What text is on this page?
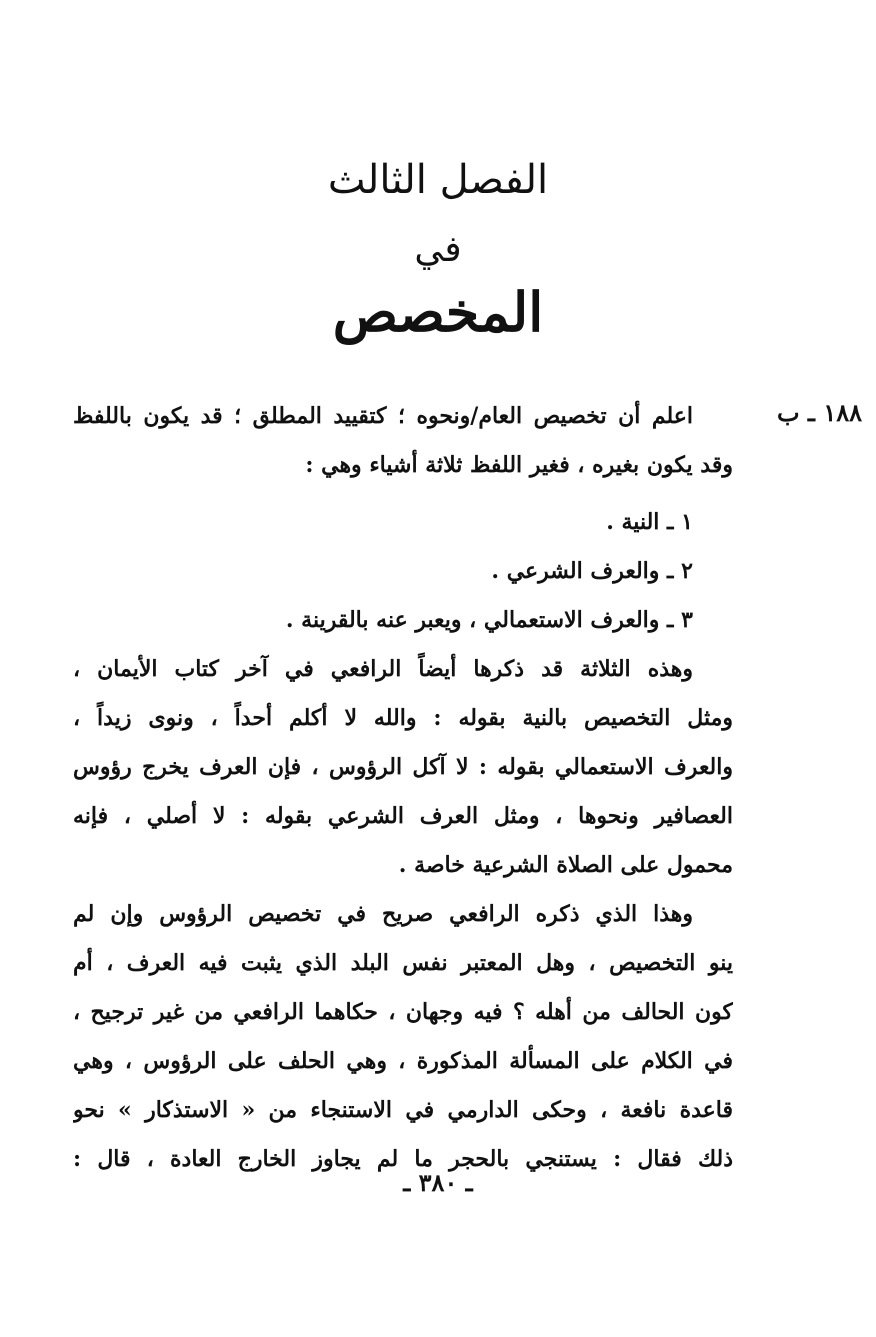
الفصل الثالث
في
المخصص
١٨٨ ـ ب
اعلم أن تخصيص العام/ونحوه ؛ كتقييد المطلق ؛ قد يكون باللفظ
وقد يكون بغيره ، فغير اللفظ ثلاثة أشياء وهي :
١ ـ النية .
٢ ـ والعرف الشرعي .
٣ ـ والعرف الاستعمالي ، ويعبر عنه بالقرينة .
وهذه الثلاثة قد ذكرها أيضاً الرافعي في آخر كتاب الأيمان ،
ومثل التخصيص بالنية بقوله : والله لا أكلم أحداً ، ونوى زيداً ،
والعرف الاستعمالي بقوله : لا آكل الرؤوس ، فإن العرف يخرج رؤوس
العصافير ونحوها ، ومثل العرف الشرعي بقوله : لا أصلي ، فإنه
محمول على الصلاة الشرعية خاصة .
وهذا الذي ذكره الرافعي صريح في تخصيص الرؤوس وإن لم
ينو التخصيص ، وهل المعتبر نفس البلد الذي يثبت فيه العرف ، أم
كون الحالف من أهله ؟ فيه وجهان ، حكاهما الرافعي من غير ترجيح ،
في الكلام على المسألة المذكورة ، وهي الحلف على الرؤوس ، وهي
قاعدة نافعة ، وحكى الدارمي في الاستنجاء من « الاستذكار » نحو
ذلك فقال : يستنجي بالحجر ما لم يجاوز الخارج العادة ، قال :
ـ ٣٨٠ ـ
